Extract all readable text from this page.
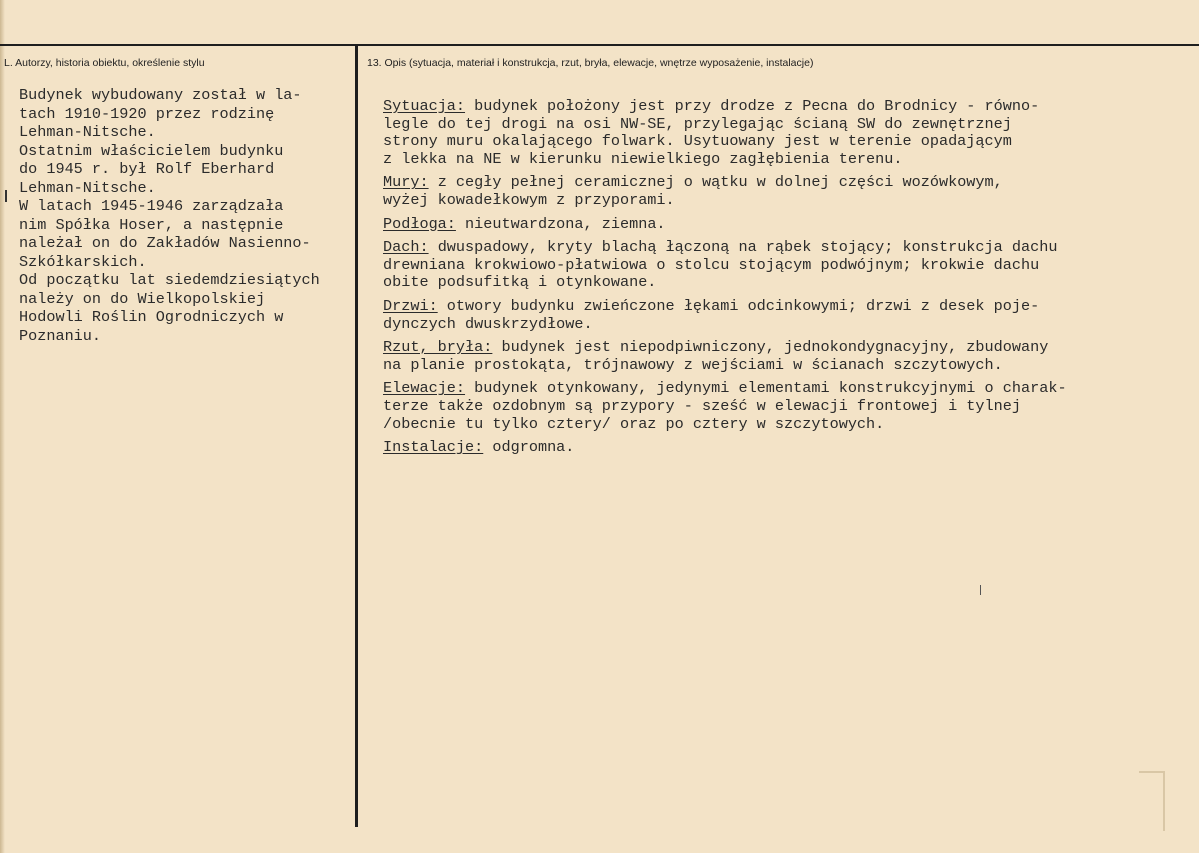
L. Autorzy, historia obiektu, określenie stylu	13. Opis (sytuacja, materiał i konstrukcja, rzut, bryła, elewacje, wnętrze wyposażenie, instalacje)
Budynek wybudowany został w la-
tach 1910-1920 przez rodzinę
Lehman-Nitsche.
Ostatnim właścicielem budynku
do 1945 r. był Rolf Eberhard
Lehman-Nitsche.
W latach 1945-1946 zarządzała
nim Spółka Hoser, a następnie
należał on do Zakładów Nasienno-
Szkółkarskich.
Od początku lat siedemdziesiątych
należy on do Wielkopolskiej
Hodowli Roślin Ogrodniczych w
Poznaniu.

Sytuacja: budynek położony jest przy drodze z Pecna do Brodnicy - równo-
legle do tej drogi na osi NW-SE, przylegając ścianą SW do zewnętrznej
strony muru okalającego folwark. Usytuowany jest w terenie opadającym
z lekka na NE w kierunku niewielkiego zagłębienia terenu.

Mury: z cegły pełnej ceramicznej o wątku w dolnej części wozówkowym,
wyżej kowadełkowym z przyporami.

Podłoga: nieutwardzona, ziemna.

Dach: dwuspadowy, kryty blachą łączoną na rąbek stojący; konstrukcja dachu
drewniana krokwiowo-płatwiowa o stolcu stojącym podwójnym; krokwie dachu
obite podsufitką i otynkowane.

Drzwi: otwory budynku zwieńczone łękami odcinkowymi; drzwi z desek poje-
dynczych dwuskrzydłowe.

Rzut, bryła: budynek jest niepodpiwniczony, jednokondygnacyjny, zbudowany
na planie prostokąta, trójnawowy z wejściami w ścianach szczytowych.

Elewacje: budynek otynkowany, jedynymi elementami konstrukcyjnymi o charak-
terze także ozdobnym są przypory - sześć w elewacji frontowej i tylnej
/obecnie tu tylko cztery/ oraz po cztery w szczytowych.

Instalacje: odgromna.
